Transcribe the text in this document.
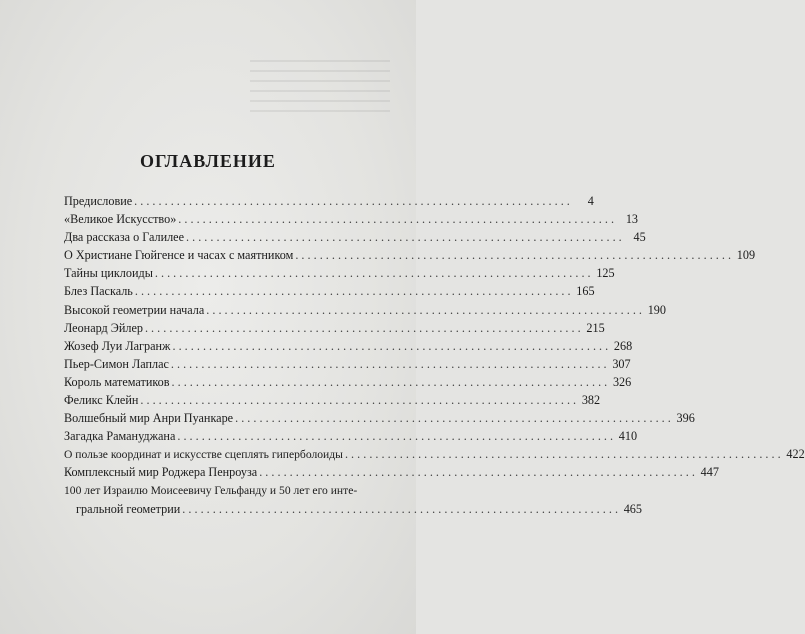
ОГЛАВЛЕНИЕ
Предисловие . . .	4
«Великое Искусство» . . .	13
Два рассказа о Галилее . . .	45
О Христиане Гюйгенсе и часах с маятником . . .	109
Тайны циклоиды . . .	125
Блез Паскаль . . .	165
Высокой геометрии начала . . .	190
Леонард Эйлер . . .	215
Жозеф Луи Лагранж . . .	268
Пьер-Симон Лаплас . . .	307
Король математиков . . .	326
Феликс Клейн . . .	382
Волшебный мир Анри Пуанкаре . . .	396
Загадка Рамануджана . . .	410
О пользе координат и искусстве сцеплять гиперболоиды . . .	422
Комплексный мир Роджера Пенроуза . . .	447
100 лет Израилю Моисеевичу Гельфанду и 50 лет его инте-
гральной геометрии . . .	465
